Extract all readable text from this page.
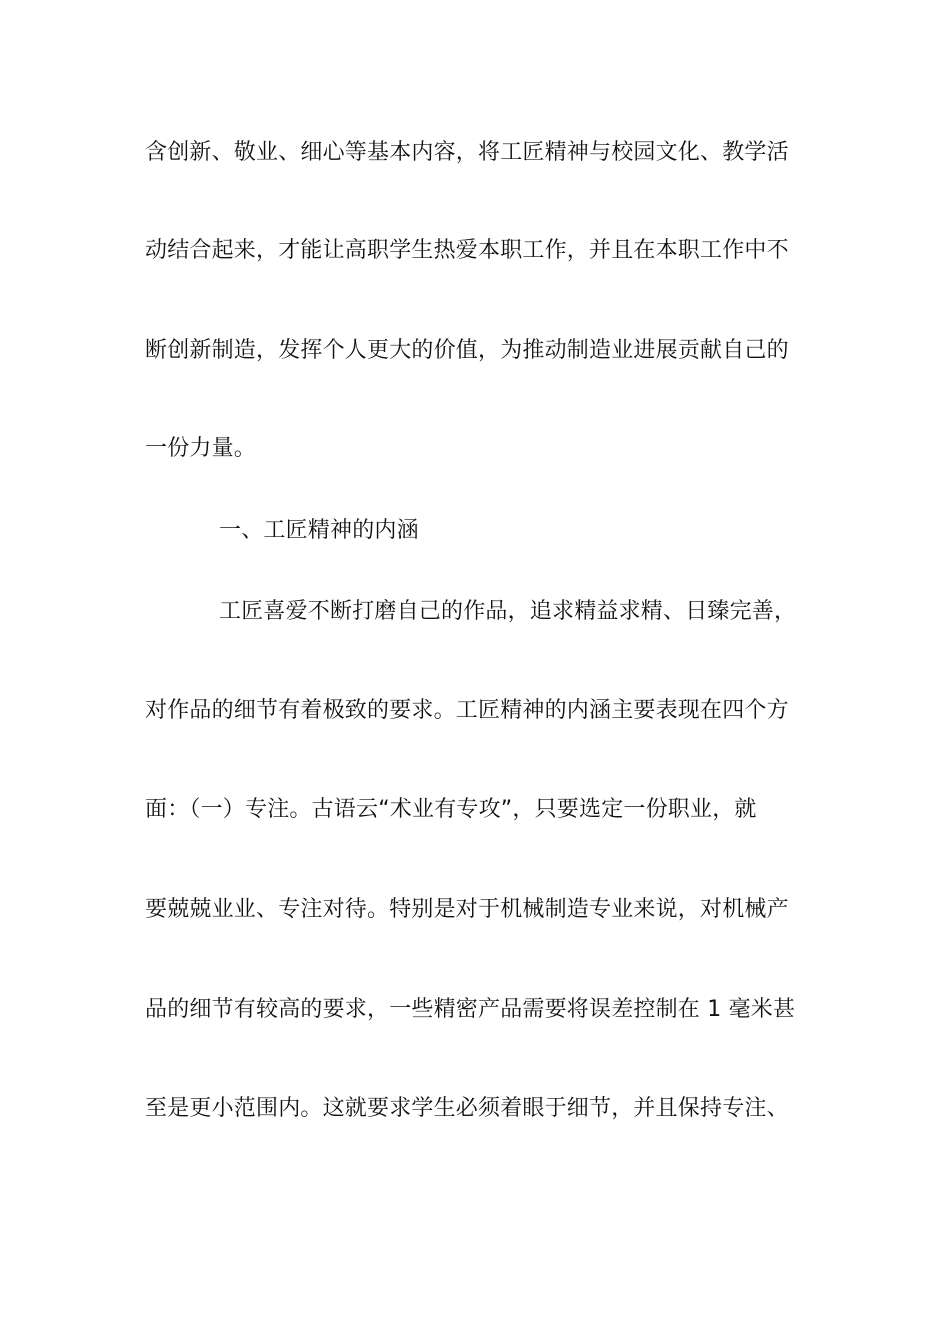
含创新、敬业、细心等基本内容，将工匠精神与校园文化、教学活
动结合起来，才能让高职学生热爱本职工作，并且在本职工作中不
断创新制造，发挥个人更大的价值，为推动制造业进展贡献自己的
一份力量。
一、工匠精神的内涵
工匠喜爱不断打磨自己的作品，追求精益求精、日臻完善，
对作品的细节有着极致的要求。工匠精神的内涵主要表现在四个方
面：（一）专注。古语云“术业有专攻”，只要选定一份职业，就
要兢兢业业、专注对待。特别是对于机械制造专业来说，对机械产
品的细节有较高的要求，一些精密产品需要将误差控制在 1 毫米甚
至是更小范围内。这就要求学生必须着眼于细节，并且保持专注、
